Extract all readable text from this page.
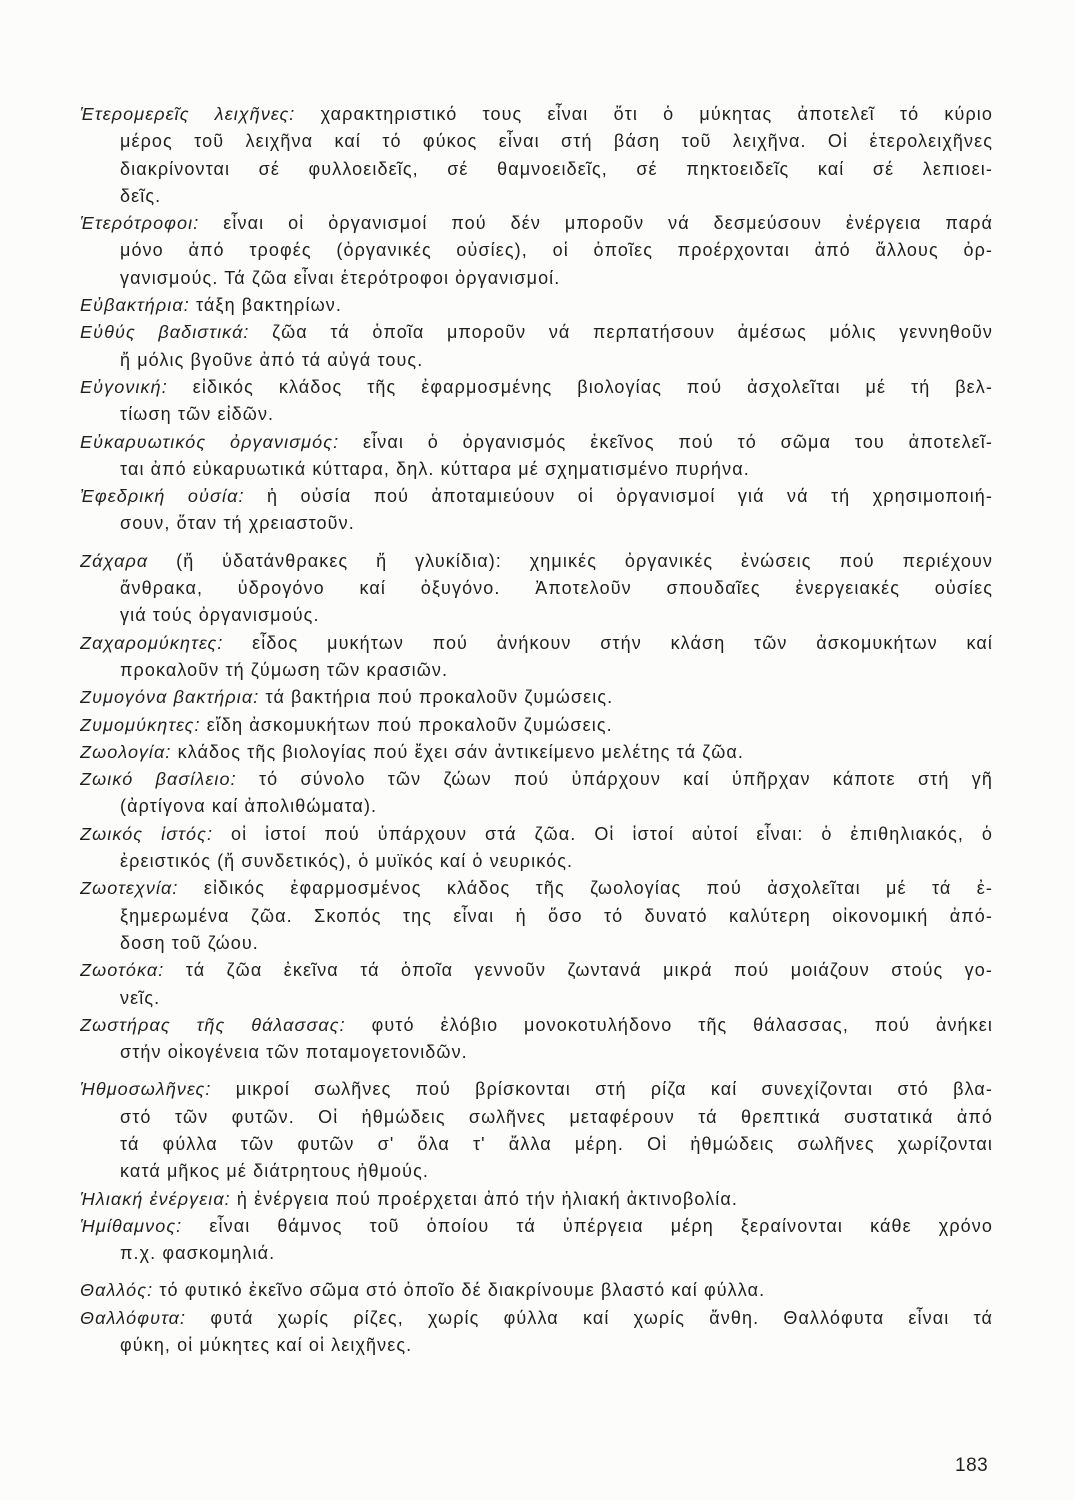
Ἑτερομερεῖς λειχῆνες: χαρακτηριστικό τους εἶναι ὅτι ὁ μύκητας ἀποτελεῖ τό κύριο
μέρος τοῦ λειχῆνα καί τό φύκος εἶναι στή βάση τοῦ λειχῆνα. Οἱ ἑτερολειχῆνες
διακρίνονται σέ φυλλοειδεῖς, σέ θαμνοειδεῖς, σέ πηκτοειδεῖς καί σέ λεπιοει-
δεῖς.
Ἑτερότροφοι: εἶναι οἱ ὀργανισμοί πού δέν μποροῦν νά δεσμεύσουν ἐνέργεια παρά
μόνο ἀπό τροφές (ὀργανικές οὐσίες), οἱ ὁποῖες προέρχονται ἀπό ἄλλους ὀρ-
γανισμούς. Τά ζῶα εἶναι ἑτερότροφοι ὀργανισμοί.
Εὐβακτήρια: τάξη βακτηρίων.
Εὐθύς βαδιστικά: ζῶα τά ὁποῖα μποροῦν νά περπατήσουν ἀμέσως μόλις γεννηθοῦν
ἤ μόλις βγοῦνε ἀπό τά αὐγά τους.
Εὐγονική: εἰδικός κλάδος τῆς ἐφαρμοσμένης βιολογίας πού ἀσχολεῖται μέ τή βελ-
τίωση τῶν εἰδῶν.
Εὐκαρυωτικός ὀργανισμός: εἶναι ὁ ὀργανισμός ἐκεῖνος πού τό σῶμα του ἀποτελεῖ-
ται ἀπό εὐκαρυωτικά κύτταρα, δηλ. κύτταρα μέ σχηματισμένο πυρήνα.
Ἐφεδρική οὐσία: ἡ οὐσία πού ἀποταμιεύουν οἱ ὀργανισμοί γιά νά τή χρησιμοποιή-
σουν, ὅταν τή χρειαστοῦν.
Ζάχαρα (ἤ ὑδατάνθρακες ἤ γλυκίδια): χημικές ὀργανικές ἐνώσεις πού περιέχουν
ἄνθρακα, ὑδρογόνο καί ὀξυγόνο. Ἀποτελοῦν σπουδαῖες ἐνεργειακές οὐσίες
γιά τούς ὀργανισμούς.
Ζαχαρομύκητες: εἶδος μυκήτων πού ἀνήκουν στήν κλάση τῶν ἀσκομυκήτων καί
προκαλοῦν τή ζύμωση τῶν κρασιῶν.
Ζυμογόνα βακτήρια: τά βακτήρια πού προκαλοῦν ζυμώσεις.
Ζυμομύκητες: εἴδη ἀσκομυκήτων πού προκαλοῦν ζυμώσεις.
Ζωολογία: κλάδος τῆς βιολογίας πού ἔχει σάν ἀντικείμενο μελέτης τά ζῶα.
Ζωικό βασίλειο: τό σύνολο τῶν ζώων πού ὑπάρχουν καί ὑπῆρχαν κάποτε στή γῆ
(ἀρτίγονα καί ἀπολιθώματα).
Ζωικός ἱστός: οἱ ἱστοί πού ὑπάρχουν στά ζῶα. Οἱ ἱστοί αὐτοί εἶναι: ὁ ἐπιθηλιακός, ὁ
ἐρειστικός (ἤ συνδετικός), ὁ μυϊκός καί ὁ νευρικός.
Ζωοτεχνία: εἰδικός ἐφαρμοσμένος κλάδος τῆς ζωολογίας πού ἀσχολεῖται μέ τά ἐ-
ξημερωμένα ζῶα. Σκοπός της εἶναι ἡ ὅσο τό δυνατό καλύτερη οἰκονομική ἀπό-
δοση τοῦ ζώου.
Ζωοτόκα: τά ζῶα ἐκεῖνα τά ὁποῖα γεννοῦν ζωντανά μικρά πού μοιάζουν στούς γο-
νεῖς.
Ζωστήρας τῆς θάλασσας: φυτό ἐλόβιο μονοκοτυλήδονο τῆς θάλασσας, πού ἀνήκει
στήν οἰκογένεια τῶν ποταμογετονιδῶν.
Ἡθμοσωλῆνες: μικροί σωλῆνες πού βρίσκονται στή ρίζα καί συνεχίζονται στό βλα-
στό τῶν φυτῶν. Οἱ ἠθμώδεις σωλῆνες μεταφέρουν τά θρεπτικά συστατικά ἀπό
τά φύλλα τῶν φυτῶν σ' ὅλα τ' ἄλλα μέρη. Οἱ ἠθμώδεις σωλῆνες χωρίζονται
κατά μῆκος μέ διάτρητους ἠθμούς.
Ἡλιακή ἐνέργεια: ἡ ἐνέργεια πού προέρχεται ἀπό τήν ἡλιακή ἀκτινοβολία.
Ἡμίθαμνος: εἶναι θάμνος τοῦ ὁποίου τά ὑπέργεια μέρη ξεραίνονται κάθε χρόνο
π.χ. φασκομηλιά.
Θαλλός: τό φυτικό ἐκεῖνο σῶμα στό ὁποῖο δέ διακρίνουμε βλαστό καί φύλλα.
Θαλλόφυτα: φυτά χωρίς ρίζες, χωρίς φύλλα καί χωρίς ἄνθη. Θαλλόφυτα εἶναι τά
φύκη, οἱ μύκητες καί οἱ λειχῆνες.
183
